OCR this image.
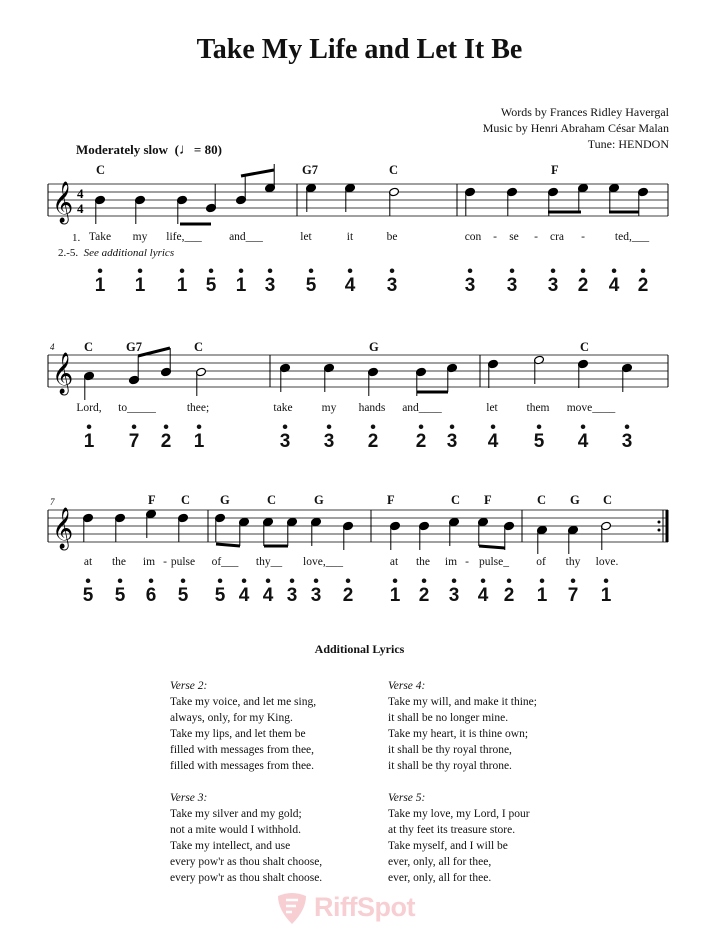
Take My Life and Let It Be
Words by Frances Ridley Havergal
Music by Henri Abraham César Malan
Tune: HENDON
Moderately slow  (♩= 80)
𝄞 4
4
𝄞
𝄞
4
7
1.
2.-5. See additional lyrics
C	G7	C	F
C	G7	C	G	C
F C G	C	G	F	C F	C G C
Take my life,___ and___	let	it	be	con - se - cra -	ted,___
Lord, to_____	thee;	take	my hands and____	let	them move____
at the im - pulse of___ thy__ love,___	at the im - pulse_ of thy love.
•
1
•
1
•
1
•
5
•
1
•
3
•
5
•
4
•
3
•
3
•
3
•
3
•
2
•
4
•
2
•
1
•
7
•
2
•
1
•
3
•
3
•
2
•
2
•
3
•
4
•
5
•
4
•
3
•
5
•
5
•
6
•
5
•
5
•
4
•
4
•
3
•
3
•
2
•
1
•
2
•
3
•
4
•
2
•
1
•
7
•
1
Additional Lyrics
Verse 2:
Take my voice, and let me sing,
always, only, for my King.
Take my lips, and let them be
filled with messages from thee,
filled with messages from thee.
Verse 3:
Take my silver and my gold;
not a mite would I withhold.
Take my intellect, and use
every pow'r as thou shalt choose,
every pow'r as thou shalt choose.
Verse 4:
Take my will, and make it thine;
it shall be no longer mine.
Take my heart, it is thine own;
it shall be thy royal throne,
it shall be thy royal throne.
Verse 5:
Take my love, my Lord, I pour
at thy feet its treasure store.
Take myself, and I will be
ever, only, all for thee,
ever, only, all for thee.
RiffSpot
